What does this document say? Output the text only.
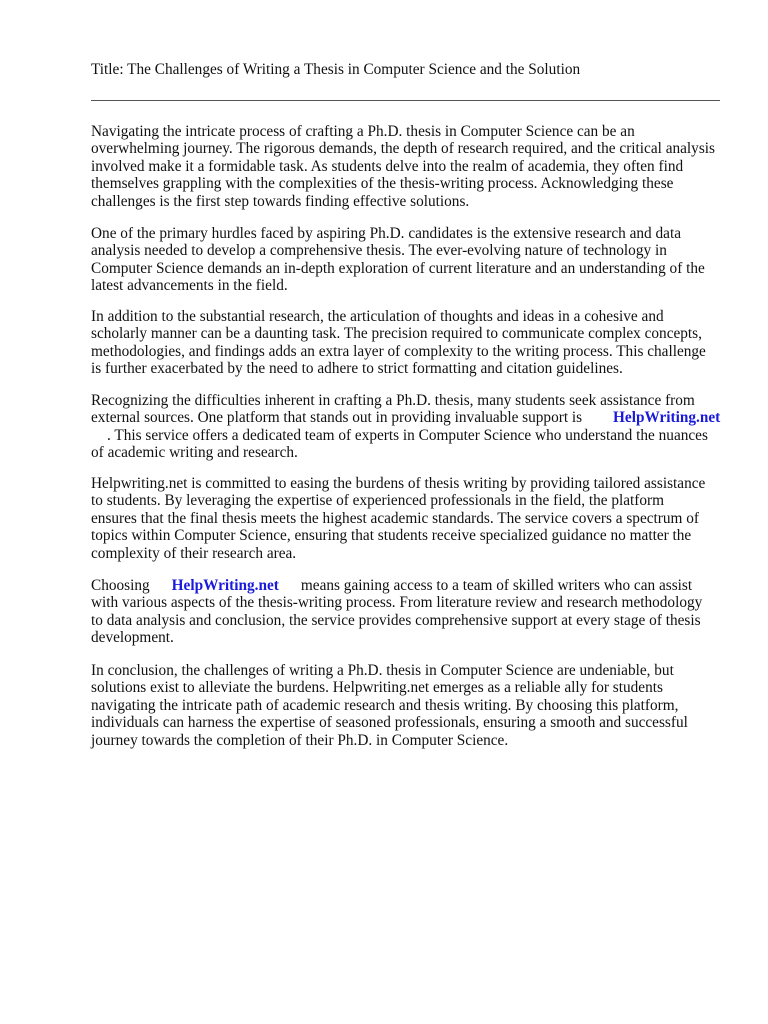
Title: The Challenges of Writing a Thesis in Computer Science and the Solution

Navigating the intricate process of crafting a Ph.D. thesis in Computer Science can be an
overwhelming journey. The rigorous demands, the depth of research required, and the critical analysis
involved make it a formidable task. As students delve into the realm of academia, they often find
themselves grappling with the complexities of the thesis-writing process. Acknowledging these
challenges is the first step towards finding effective solutions.

One of the primary hurdles faced by aspiring Ph.D. candidates is the extensive research and data
analysis needed to develop a comprehensive thesis. The ever-evolving nature of technology in
Computer Science demands an in-depth exploration of current literature and an understanding of the
latest advancements in the field.

In addition to the substantial research, the articulation of thoughts and ideas in a cohesive and
scholarly manner can be a daunting task. The precision required to communicate complex concepts,
methodologies, and findings adds an extra layer of complexity to the writing process. This challenge
is further exacerbated by the need to adhere to strict formatting and citation guidelines.

Recognizing the difficulties inherent in crafting a Ph.D. thesis, many students seek assistance from
external sources. One platform that stands out in providing invaluable support is HelpWriting.net
. This service offers a dedicated team of experts in Computer Science who understand the nuances
of academic writing and research.

Helpwriting.net is committed to easing the burdens of thesis writing by providing tailored assistance
to students. By leveraging the expertise of experienced professionals in the field, the platform
ensures that the final thesis meets the highest academic standards. The service covers a spectrum of
topics within Computer Science, ensuring that students receive specialized guidance no matter the
complexity of their research area.

Choosing HelpWriting.net means gaining access to a team of skilled writers who can assist
with various aspects of the thesis-writing process. From literature review and research methodology
to data analysis and conclusion, the service provides comprehensive support at every stage of thesis
development.

In conclusion, the challenges of writing a Ph.D. thesis in Computer Science are undeniable, but
solutions exist to alleviate the burdens. Helpwriting.net emerges as a reliable ally for students
navigating the intricate path of academic research and thesis writing. By choosing this platform,
individuals can harness the expertise of seasoned professionals, ensuring a smooth and successful
journey towards the completion of their Ph.D. in Computer Science.
